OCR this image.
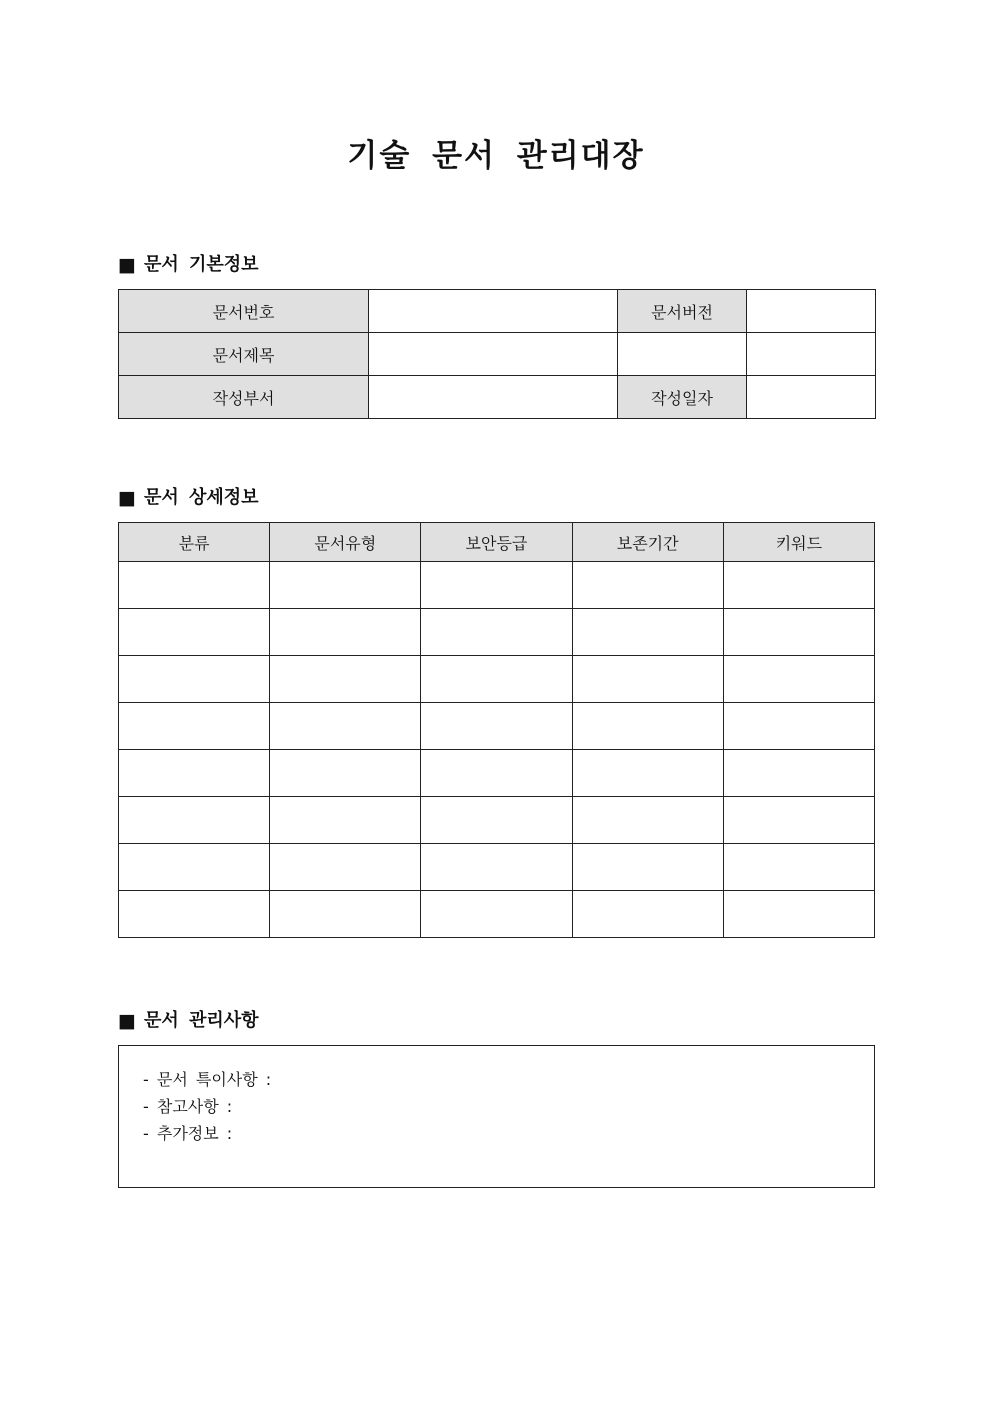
기술 문서 관리대장
■ 문서 기본정보
문서번호		문서버전	
문서제목			
작성부서		작성일자	
■ 문서 상세정보
분류	문서유형	보안등급	보존기간	키워드

■ 문서 관리사항
- 문서 특이사항 :
- 참고사항 :
- 추가정보 :
